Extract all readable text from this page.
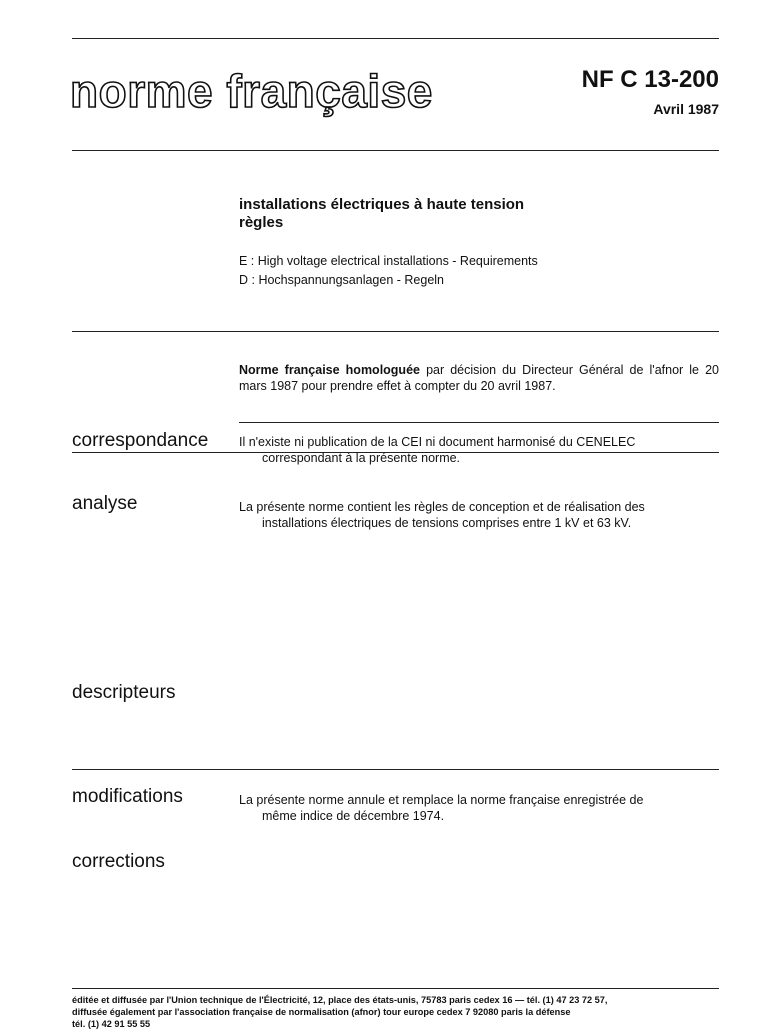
norme française	NF C 13-200
Avril 1987
installations électriques à haute tension
règles
E : High voltage electrical installations - Requirements
D : Hochspannungsanlagen - Regeln
Norme française homologuée par décision du Directeur Général de l'afnor le 20 mars 1987 pour prendre effet à compter du 20 avril 1987.
correspondance Il n'existe ni publication de la CEI ni document harmonisé du CENELEC
correspondant à la présente norme.
analyse	La présente norme contient les règles de conception et de réalisation des
installations électriques de tensions comprises entre 1 kV et 63 kV.
descripteurs
modifications	La présente norme annule et remplace la norme française enregistrée de
même indice de décembre 1974.
corrections
éditée et diffusée par l'Union technique de l'Électricité, 12, place des états-unis, 75783 paris cedex 16 — tél. (1) 47 23 72 57,
diffusée également par l'association française de normalisation (afnor) tour europe cedex 7 92080 paris la défense
tél. (1) 42 91 55 55
